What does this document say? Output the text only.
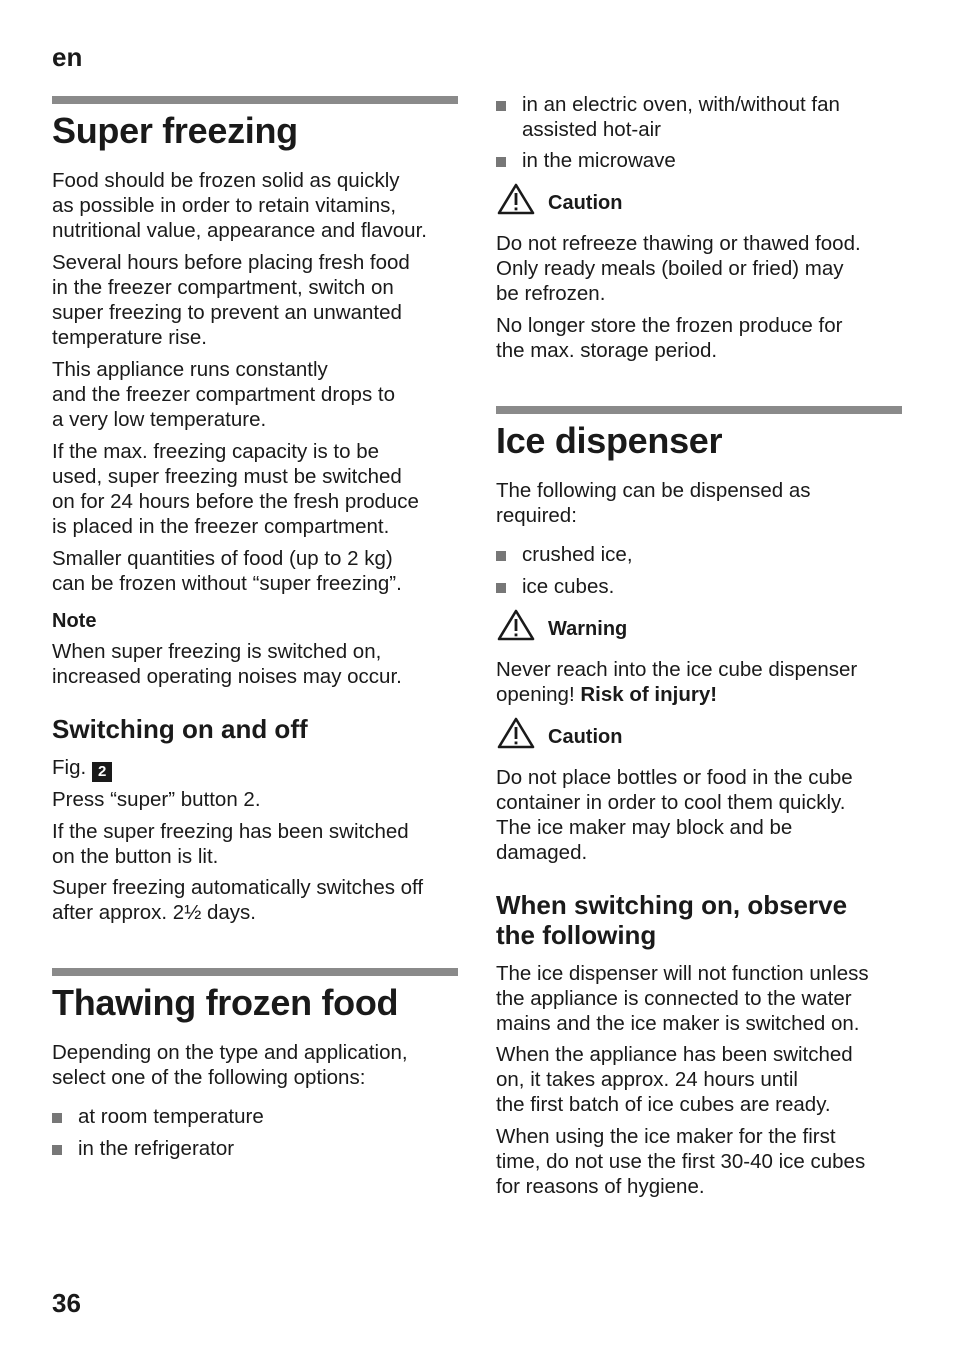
en
Super freezing
Food should be frozen solid as quickly
as possible in order to retain vitamins,
nutritional value, appearance and flavour.
Several hours before placing fresh food
in the freezer compartment, switch on
super freezing to prevent an unwanted
temperature rise.
This appliance runs constantly
and the freezer compartment drops to
a very low temperature.
If the max. freezing capacity is to be
used, super freezing must be switched
on for 24 hours before the fresh produce
is placed in the freezer compartment.
Smaller quantities of food (up to 2 kg)
can be frozen without “super freezing”.
Note
When super freezing is switched on,
increased operating noises may occur.
Switching on and off
Fig. 2
Press “super” button 2.
If the super freezing has been switched
on the button is lit.
Super freezing automatically switches off
after approx. 2½ days.
Thawing frozen food
Depending on the type and application,
select one of the following options:
at room temperature
in the refrigerator
in an electric oven, with/without fan
assisted hot-air
in the microwave
Caution
Do not refreeze thawing or thawed food.
Only ready meals (boiled or fried) may
be refrozen.
No longer store the frozen produce for
the max. storage period.
Ice dispenser
The following can be dispensed as
required:
crushed ice,
ice cubes.
Warning
Never reach into the ice cube dispenser
opening! Risk of injury!
Caution
Do not place bottles or food in the cube
container in order to cool them quickly.
The ice maker may block and be
damaged.
When switching on, observe
the following
The ice dispenser will not function unless
the appliance is connected to the water
mains and the ice maker is switched on.
When the appliance has been switched
on, it takes approx. 24 hours until
the first batch of ice cubes are ready.
When using the ice maker for the first
time, do not use the first 30-40 ice cubes
for reasons of hygiene.
36
